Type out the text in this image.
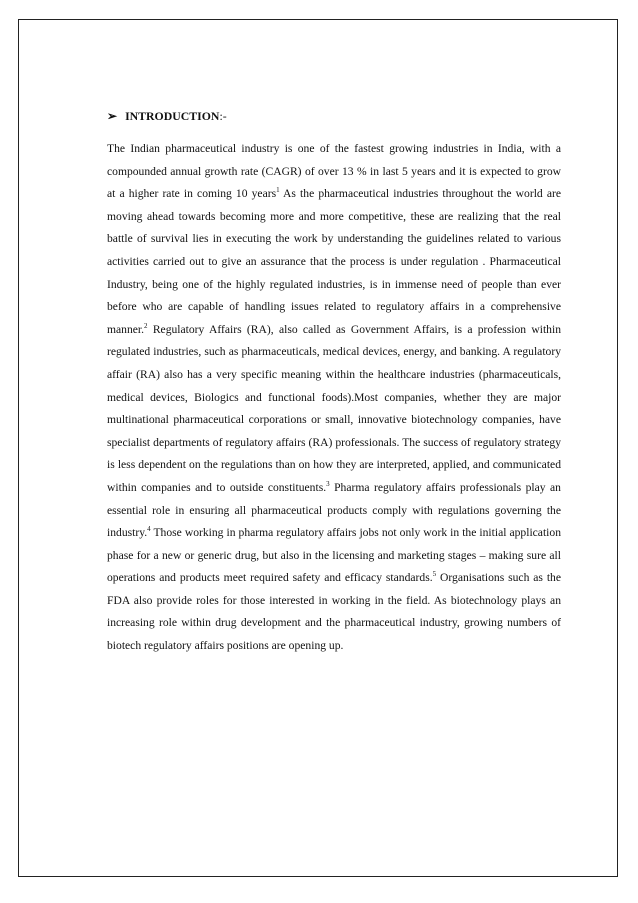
➢ INTRODUCTION :-

The Indian pharmaceutical industry is one of the fastest growing industries in India, with a compounded annual growth rate (CAGR) of over 13 % in last 5 years and it is expected to grow at a higher rate in coming 10 years$^1$ As the pharmaceutical industries throughout the world are moving ahead towards becoming more and more competitive, these are realizing that the real battle of survival lies in executing the work by understanding the guidelines related to various activities carried out to give an assurance that the process is under regulation . Pharmaceutical Industry, being one of the highly regulated industries, is in immense need of people than ever before who are capable of handling issues related to regulatory affairs in a comprehensive manner.$^2$ Regulatory Affairs (RA), also called as Government Affairs, is a profession within regulated industries, such as pharmaceuticals, medical devices, energy, and banking. A regulatory affair (RA) also has a very specific meaning within the healthcare industries (pharmaceuticals, medical devices, Biologics and functional foods).Most companies, whether they are major multinational pharmaceutical corporations or small, innovative biotechnology companies, have specialist departments of regulatory affairs (RA) professionals. The success of regulatory strategy is less dependent on the regulations than on how they are interpreted, applied, and communicated within companies and to outside constituents.$^3$ Pharma regulatory affairs professionals play an essential role in ensuring all pharmaceutical products comply with regulations governing the industry.$^4$ Those working in pharma regulatory affairs jobs not only work in the initial application phase for a new or generic drug, but also in the licensing and marketing stages – making sure all operations and products meet required safety and efficacy standards.$^5$ Organisations such as the FDA also provide roles for those interested in working in the field. As biotechnology plays an increasing role within drug development and the pharmaceutical industry, growing numbers of biotech regulatory affairs positions are opening up.
